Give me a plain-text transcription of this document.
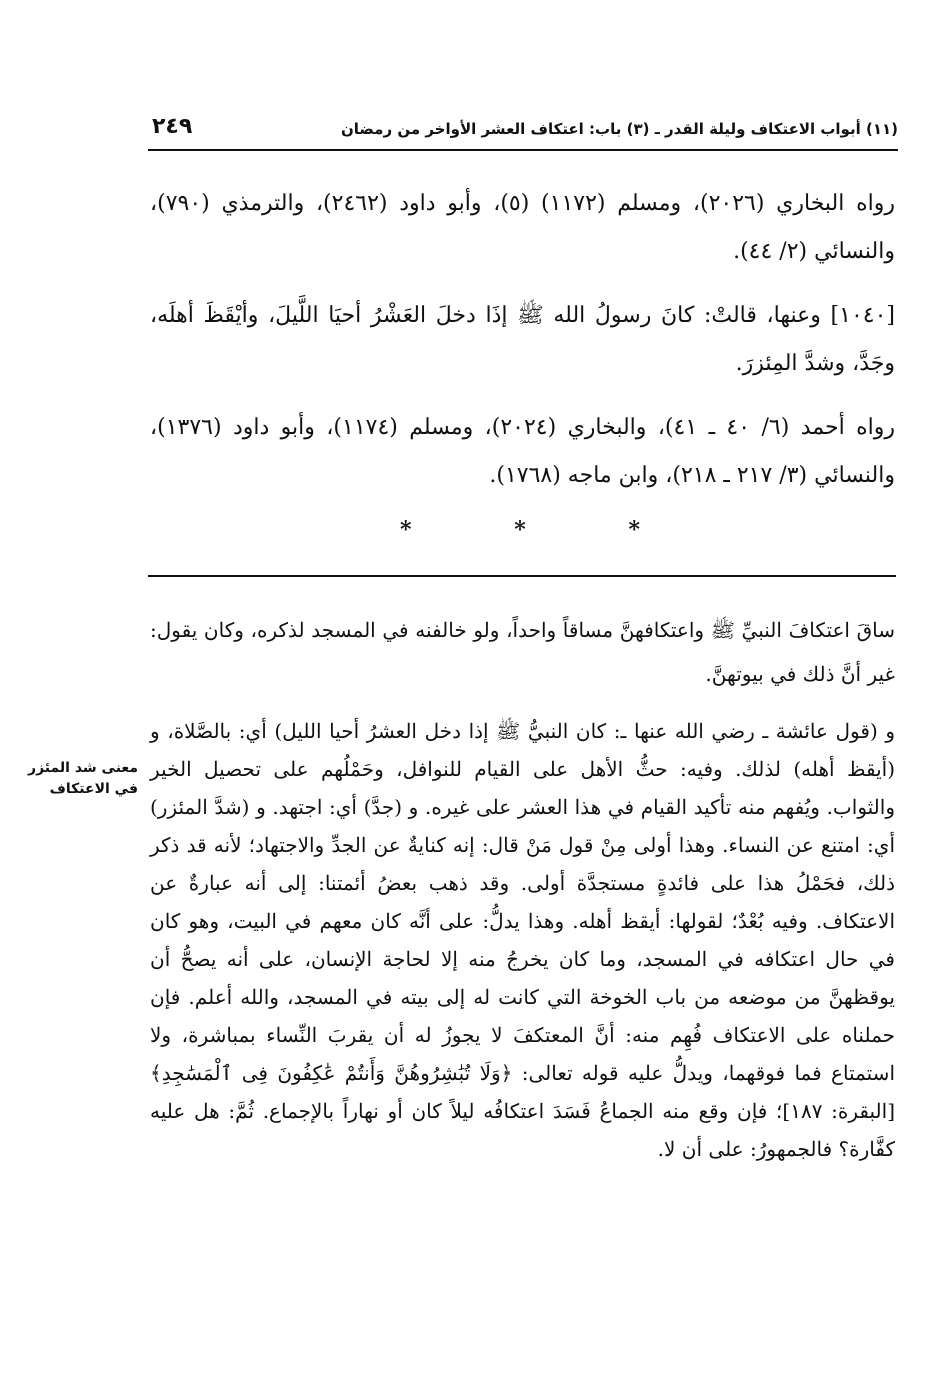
(١١) أبواب الاعتكاف وليلة القدر ـ (٣) باب: اعتكاف العشر الأواخر من رمضان
٢٤٩

رواه البخاري (٢٠٢٦)، ومسلم (١١٧٢) (٥)، وأبو داود (٢٤٦٢)، والترمذي (٧٩٠)، والنسائي (٢/ ٤٤).

[١٠٤٠] وعنها، قالتْ: كانَ رسولُ الله ﷺ إذَا دخلَ العَشْرُ أحيَا اللَّيلَ، وأيْقَظَ أهلَه، وجَدَّ، وشدَّ المِئزرَ.

رواه أحمد (٦/ ٤٠ ـ ٤١)، والبخاري (٢٠٢٤)، ومسلم (١١٧٤)، وأبو داود (١٣٧٦)، والنسائي (٣/ ٢١٧ ـ ٢١٨)، وابن ماجه (١٧٦٨).

*	*	*

ساقَ اعتكافَ النبيِّ ﷺ واعتكافهنَّ مساقاً واحداً، ولو خالفنه في المسجد لذكره، وكان يقول: غير أنَّ ذلك في بيوتهنَّ.

و (قول عائشة ـ رضي الله عنها ـ: كان النبيُّ ﷺ إذا دخل العشرُ أحيا الليل) أي: بالصَّلاة، و (أيقظ أهله) لذلك. وفيه: حثُّ الأهل على القيام للنوافل، وحَمْلُهم على تحصيل الخير والثواب. ويُفهم منه تأكيد القيام في هذا العشر على غيره. و (جدَّ) أي: اجتهد. و (شدَّ المئزر) أي: امتنع عن النساء. وهذا أولى مِنْ قول مَنْ قال: إنه كنايةٌ عن الجدِّ والاجتهاد؛ لأنه قد ذكر ذلك، فحَمْلُ هذا على فائدةٍ مستجدَّة أولى. وقد ذهب بعضُ أئمتنا: إلى أنه عبارةٌ عن الاعتكاف. وفيه بُعْدٌ؛ لقولها: أيقظ أهله. وهذا يدلُّ: على أنَّه كان معهم في البيت، وهو كان في حال اعتكافه في المسجد، وما كان يخرجُ منه إلا لحاجة الإنسان، على أنه يصحُّ أن يوقظهنَّ من موضعه من باب الخوخة التي كانت له إلى بيته في المسجد، والله أعلم. فإن حملناه على الاعتكاف فُهِم منه: أنَّ المعتكفَ لا يجوزُ له أن يقربَ النِّساء بمباشرة، ولا استمتاع فما فوقهما، ويدلُّ عليه قوله تعالى: ﴿وَلَا تُبَٰشِرُوهُنَّ وَأَنتُمْ عَٰكِفُونَ فِى ٱلْمَسَٰجِدِ﴾ [البقرة: ١٨٧]؛ فإن وقع منه الجماعُ فَسَدَ اعتكافُه ليلاً كان أو نهاراً بالإجماع. ثُمَّ: هل عليه كفَّارة؟ فالجمهورُ: على أن لا.

معنى شد المئزر في الاعتكاف
